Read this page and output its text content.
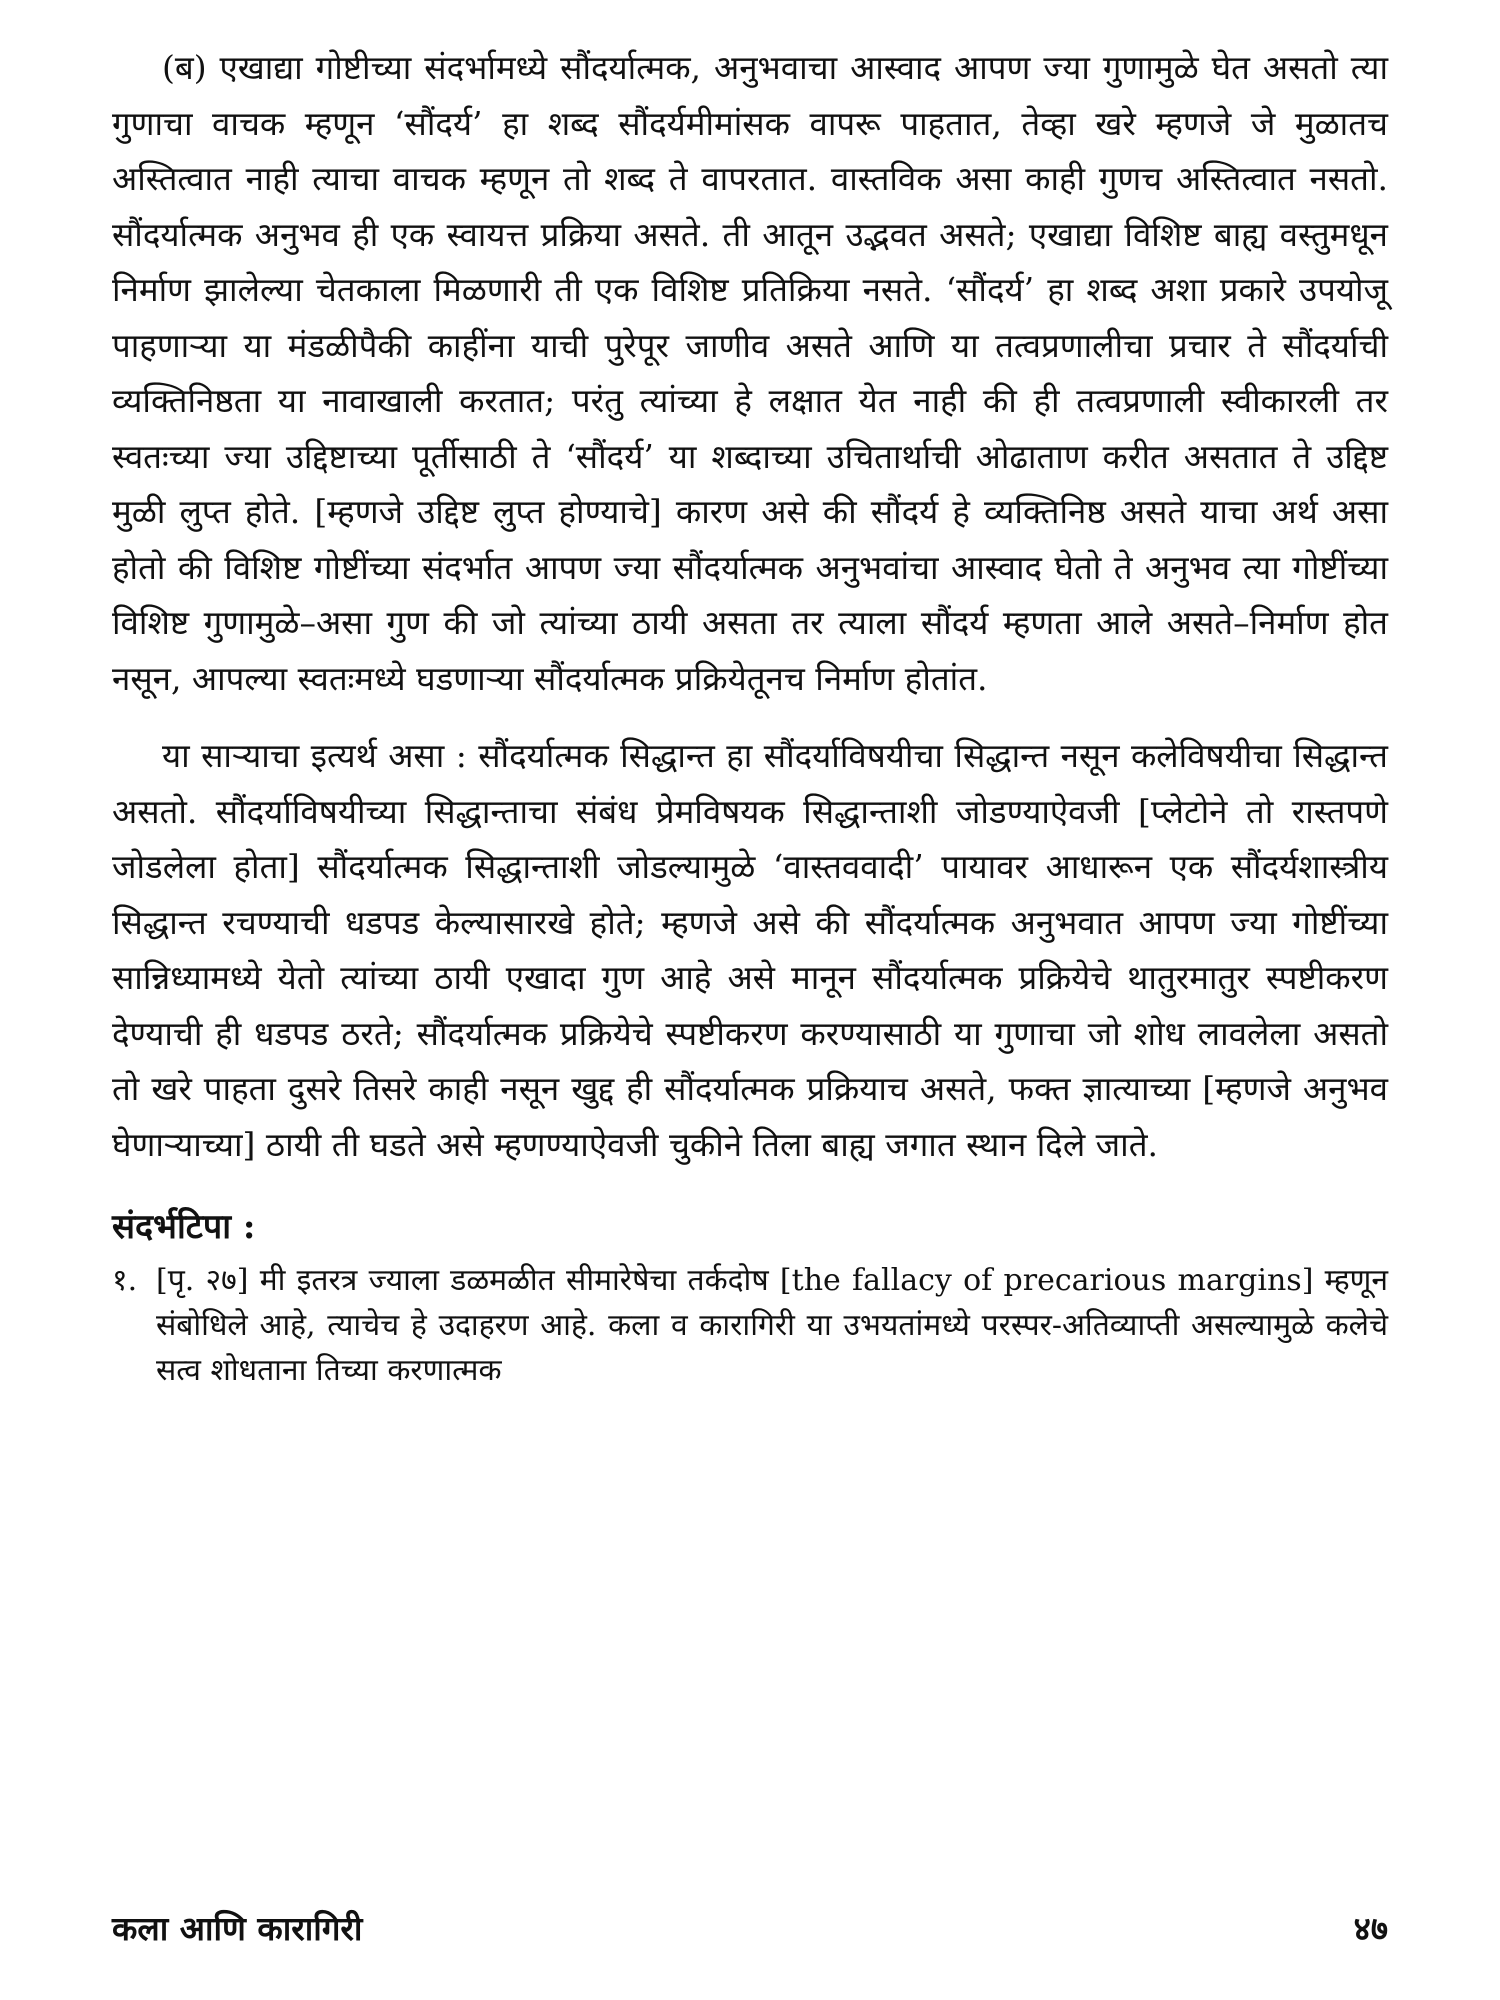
(ब) एखाद्या गोष्टीच्या संदर्भामध्ये सौंदर्यात्मक, अनुभवाचा आस्वाद आपण ज्या गुणामुळे घेत असतो त्या गुणाचा वाचक म्हणून ‘सौंदर्य’ हा शब्द सौंदर्यमीमांसक वापरू पाहतात, तेव्हा खरे म्हणजे जे मुळातच अस्तित्वात नाही त्याचा वाचक म्हणून तो शब्द ते वापरतात. वास्तविक असा काही गुणच अस्तित्वात नसतो. सौंदर्यात्मक अनुभव ही एक स्वायत्त प्रक्रिया असते. ती आतून उद्भवत असते; एखाद्या विशिष्ट बाह्य वस्तुमधून निर्माण झालेल्या चेतकाला मिळणारी ती एक विशिष्ट प्रतिक्रिया नसते. ‘सौंदर्य’ हा शब्द अशा प्रकारे उपयोजू पाहणाऱ्या या मंडळीपैकी काहींना याची पुरेपूर जाणीव असते आणि या तत्वप्रणालीचा प्रचार ते सौंदर्याची व्यक्तिनिष्ठता या नावाखाली करतात; परंतु त्यांच्या हे लक्षात येत नाही की ही तत्वप्रणाली स्वीकारली तर स्वतःच्या ज्या उद्दिष्टाच्या पूर्तीसाठी ते ‘सौंदर्य’ या शब्दाच्या उचितार्थाची ओढाताण करीत असतात ते उद्दिष्ट मुळी लुप्त होते. [म्हणजे उद्दिष्ट लुप्त होण्याचे] कारण असे की सौंदर्य हे व्यक्तिनिष्ठ असते याचा अर्थ असा होतो की विशिष्ट गोष्टींच्या संदर्भात आपण ज्या सौंदर्यात्मक अनुभवांचा आस्वाद घेतो ते अनुभव त्या गोष्टींच्या विशिष्ट गुणामुळे–असा गुण की जो त्यांच्या ठायी असता तर त्याला सौंदर्य म्हणता आले असते–निर्माण होत नसून, आपल्या स्वतःमध्ये घडणाऱ्या सौंदर्यात्मक प्रक्रियेतूनच निर्माण होतांत.

या साऱ्याचा इत्यर्थ असा : सौंदर्यात्मक सिद्धान्त हा सौंदर्याविषयीचा सिद्धान्त नसून कलेविषयीचा सिद्धान्त असतो. सौंदर्याविषयीच्या सिद्धान्ताचा संबंध प्रेमविषयक सिद्धान्ताशी जोडण्याऐवजी [प्लेटोने तो रास्तपणे जोडलेला होता] सौंदर्यात्मक सिद्धान्ताशी जोडल्यामुळे ‘वास्तववादी’ पायावर आधारून एक सौंदर्यशास्त्रीय सिद्धान्त रचण्याची धडपड केल्यासारखे होते; म्हणजे असे की सौंदर्यात्मक अनुभवात आपण ज्या गोष्टींच्या सान्निध्यामध्ये येतो त्यांच्या ठायी एखादा गुण आहे असे मानून सौंदर्यात्मक प्रक्रियेचे थातुरमातुर स्पष्टीकरण देण्याची ही धडपड ठरते; सौंदर्यात्मक प्रक्रियेचे स्पष्टीकरण करण्यासाठी या गुणाचा जो शोध लावलेला असतो तो खरे पाहता दुसरे तिसरे काही नसून खुद्द ही सौंदर्यात्मक प्रक्रियाच असते, फक्त ज्ञात्याच्या [म्हणजे अनुभव घेणाऱ्याच्या] ठायी ती घडते असे म्हणण्याऐवजी चुकीने तिला बाह्य जगात स्थान दिले जाते.

संदर्भटिपा :
१. [पृ. २७] मी इतरत्र ज्याला डळमळीत सीमारेषेचा तर्कदोष [the fallacy of precarious margins] म्हणून संबोधिले आहे, त्याचेच हे उदाहरण आहे. कला व कारागिरी या उभयतांमध्ये परस्पर-अतिव्याप्ती असल्यामुळे कलेचे सत्व शोधताना तिच्या करणात्मक
कला आणि कारागिरी	४७
